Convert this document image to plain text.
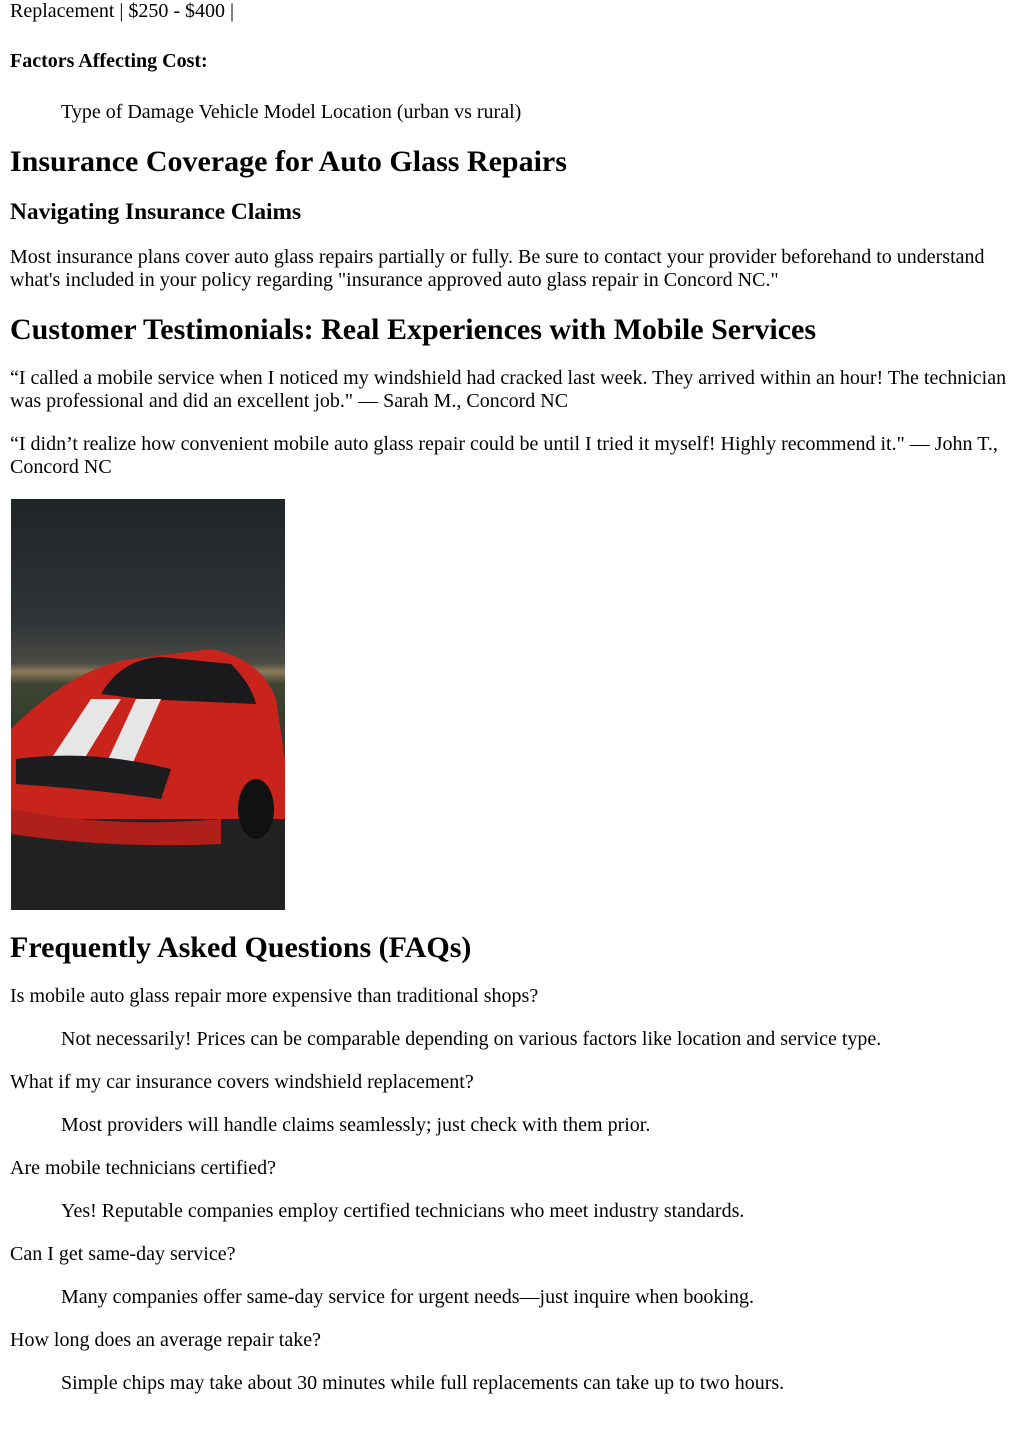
Replacement | $250 - $400 |

Factors Affecting Cost:

Type of Damage Vehicle Model Location (urban vs rural)

Insurance Coverage for Auto Glass Repairs
Navigating Insurance Claims

Most insurance plans cover auto glass repairs partially or fully. Be sure to contact your provider beforehand to understand what's included in your policy regarding "insurance approved auto glass repair in Concord NC."

Customer Testimonials: Real Experiences with Mobile Services

“I called a mobile service when I noticed my windshield had cracked last week. They arrived within an hour! The technician was professional and did an excellent job." — Sarah M., Concord NC

“I didn’t realize how convenient mobile auto glass repair could be until I tried it myself! Highly recommend it." — John T., Concord NC

Frequently Asked Questions (FAQs)

Is mobile auto glass repair more expensive than traditional shops?

Not necessarily! Prices can be comparable depending on various factors like location and service type.

What if my car insurance covers windshield replacement?

Most providers will handle claims seamlessly; just check with them prior.

Are mobile technicians certified?

Yes! Reputable companies employ certified technicians who meet industry standards.

Can I get same-day service?

Many companies offer same-day service for urgent needs—just inquire when booking.

How long does an average repair take?

Simple chips may take about 30 minutes while full replacements can take up to two hours.
